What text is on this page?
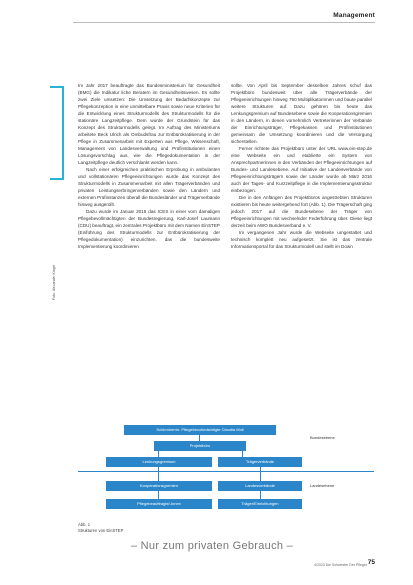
Management
Foto: Alexander Kiegel

Im Jahr 2017 beauftragte das Bundesministerium für Gesundheit (BMG) die Indikatur liche Beratern im Gesundheitswesen. Es sollte zwei Ziele umsetzen: Die Umsetzung der Bedarfskonzepte zur Pflegekonzeption in eine unmittelbare Praxis sowie neue Kriterien für die Entwicklung eines Strukturmodells des Strukturmodells für die stationäre Langzeitpflege. Dem wurde der Grundstein für das Konzept des Strukturmodells gelegt. Im Auftrag des Ministeriums arbeitete Beck Ulrich als Ombudsfrau zur Entbürokratisierung in der Pflege in Zusammenarbeit mit Experten aus Pflege, Wissenschaft, Management von Landesverwaltung und Prüfinstitutionen einen Lösungsvorschlag aus, wie die Pflegedokumentation in der Langzeitpflege deutlich verschlankt werden kann.

Nach einer erfolgreichen praktischen Erprobung in ambulanten und vollstationären Pflegeeinrichtungen wurde das Konzept des Strukturmodells in Zusammenarbeit mit allen Trägerverbänden und privaten Leistungserbringerverbänden sowie den Ländern und externen Prüfinstanzen überall die Bundesländer und Trägerverbände hinweg ausgerollt.

Dazu wurde im Januar 2015 das ICES in einer vom damaligen Pflegebevollmächtigten der Bundesregierung, Karl-Josef Laumann (CDU) beauftragt, ein zentrales Projektbüro mit dem Namen EinSTEP (Einführung des Strukturmodells zur Entbürokratisierung der Pflegedokumentation) einzurichten, das die bundesweite Implementierung koordinieren

sollte. Von April bis September desselben Jahres schuf das Projektbüro bundesweit über alle Trägerverbände der Pflegeeinrichtungen hinweg 750 Multiplikatorinnen und baute parallel weitere Strukturen auf. Dazu gehören bis heute das Lenkungsgremium auf Bundesebene sowie die Kooperationsgremien in den Ländern, in denen vornehmlich Vertreterinnen der Verbände der Einrichtungsträger, Pflegekassen und Prüfinstitutionen gemeinsam die Umsetzung koordinieren und die Versorgung sicherstellen.

Ferner richtete das Projektbüro unter der URL www.ein-step.de eine Webseite ein und etablierte ein System von Ansprechpartnerinnen in den Verbänden der Pflegeeinrichtungen auf Bundes- und Landesebene. Auf Initiative der Landesverbände von Pflegeeinrichtungsträgern sowie der Länder wurde ab März 2016 auch der Tages- und Kurzzeitpflege in die Implementierungsstruktur einbezogen.

Die in den Anfängen des Projektbüros angestrebten Strukturen existieren bis heute weitergehend fort (Abb. 1). Die Trägerschaft ging jedoch 2017 auf die Bundesebene der Träger von Pflegeeinrichtungen mit wechselnder Federführung über. Diese liegt derzeit beim AWO Bundesverband e. V.

Im vergangenen Jahr wurde die Webseite umgestaltet und technisch komplett neu aufgesetzt. Sie ist das zentrale Informationsportal für das Strukturmodell und stellt im Down

Schirmherrin: Pflegebevollmächtigte Claudia Moll
Projektbüro
Lenkungsgremium	Trägerverbände
Kooperationsgremien	Landesverbände
Pflegebeauftragte/-innen	Träger/Einrichtungen
Bundesebene
Landesebene
Abb. 1
Strukturen von EinSTEP
– Nur zum privaten Gebrauch –
4/2023 Die Schwester Der Pfleger 75
